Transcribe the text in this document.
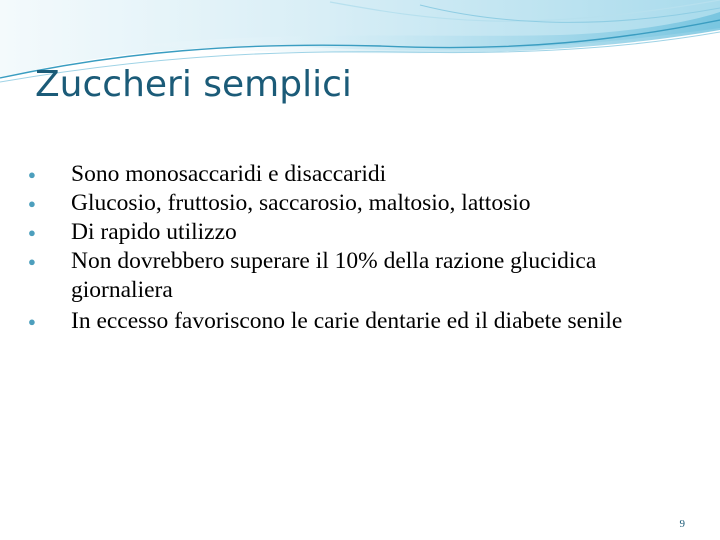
Zuccheri semplici
● Sono monosaccaridi e disaccaridi
● Glucosio, fruttosio, saccarosio, maltosio, lattosio
● Di rapido utilizzo
● Non dovrebbero superare il 10% della razione glucidica giornaliera
● In eccesso favoriscono le carie dentarie ed il diabete senile
9
